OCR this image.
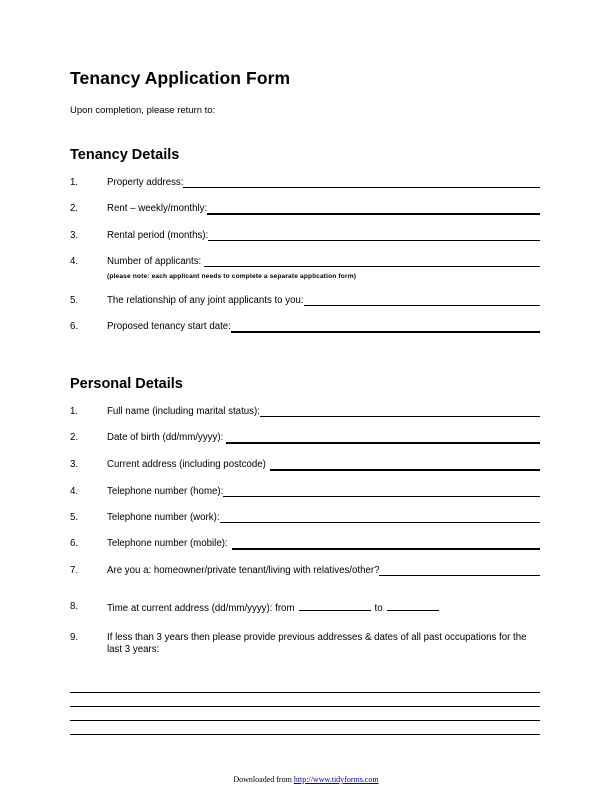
Tenancy Application Form
Upon completion, please return to:
Tenancy Details
1.	Property address:
2.	Rent – weekly/monthly:
3.	Rental period (months):
4.	Number of applicants:
(please note: each applicant needs to complete a separate application form)
5.	The relationship of any joint applicants to you:
6.	Proposed tenancy start date:
Personal Details
1.	Full name (including marital status):
2.	Date of birth (dd/mm/yyyy):
3.	Current address (including postcode)
4.	Telephone number (home):
5.	Telephone number (work):
6.	Telephone number (mobile):
7.	Are you a: homeowner/private tenant/living with relatives/other?
8.	Time at current address (dd/mm/yyyy): from	to
9.	If less than 3 years then please provide previous addresses & dates of all past occupations for the last 3 years:
Downloaded from http://www.tidyforms.com
